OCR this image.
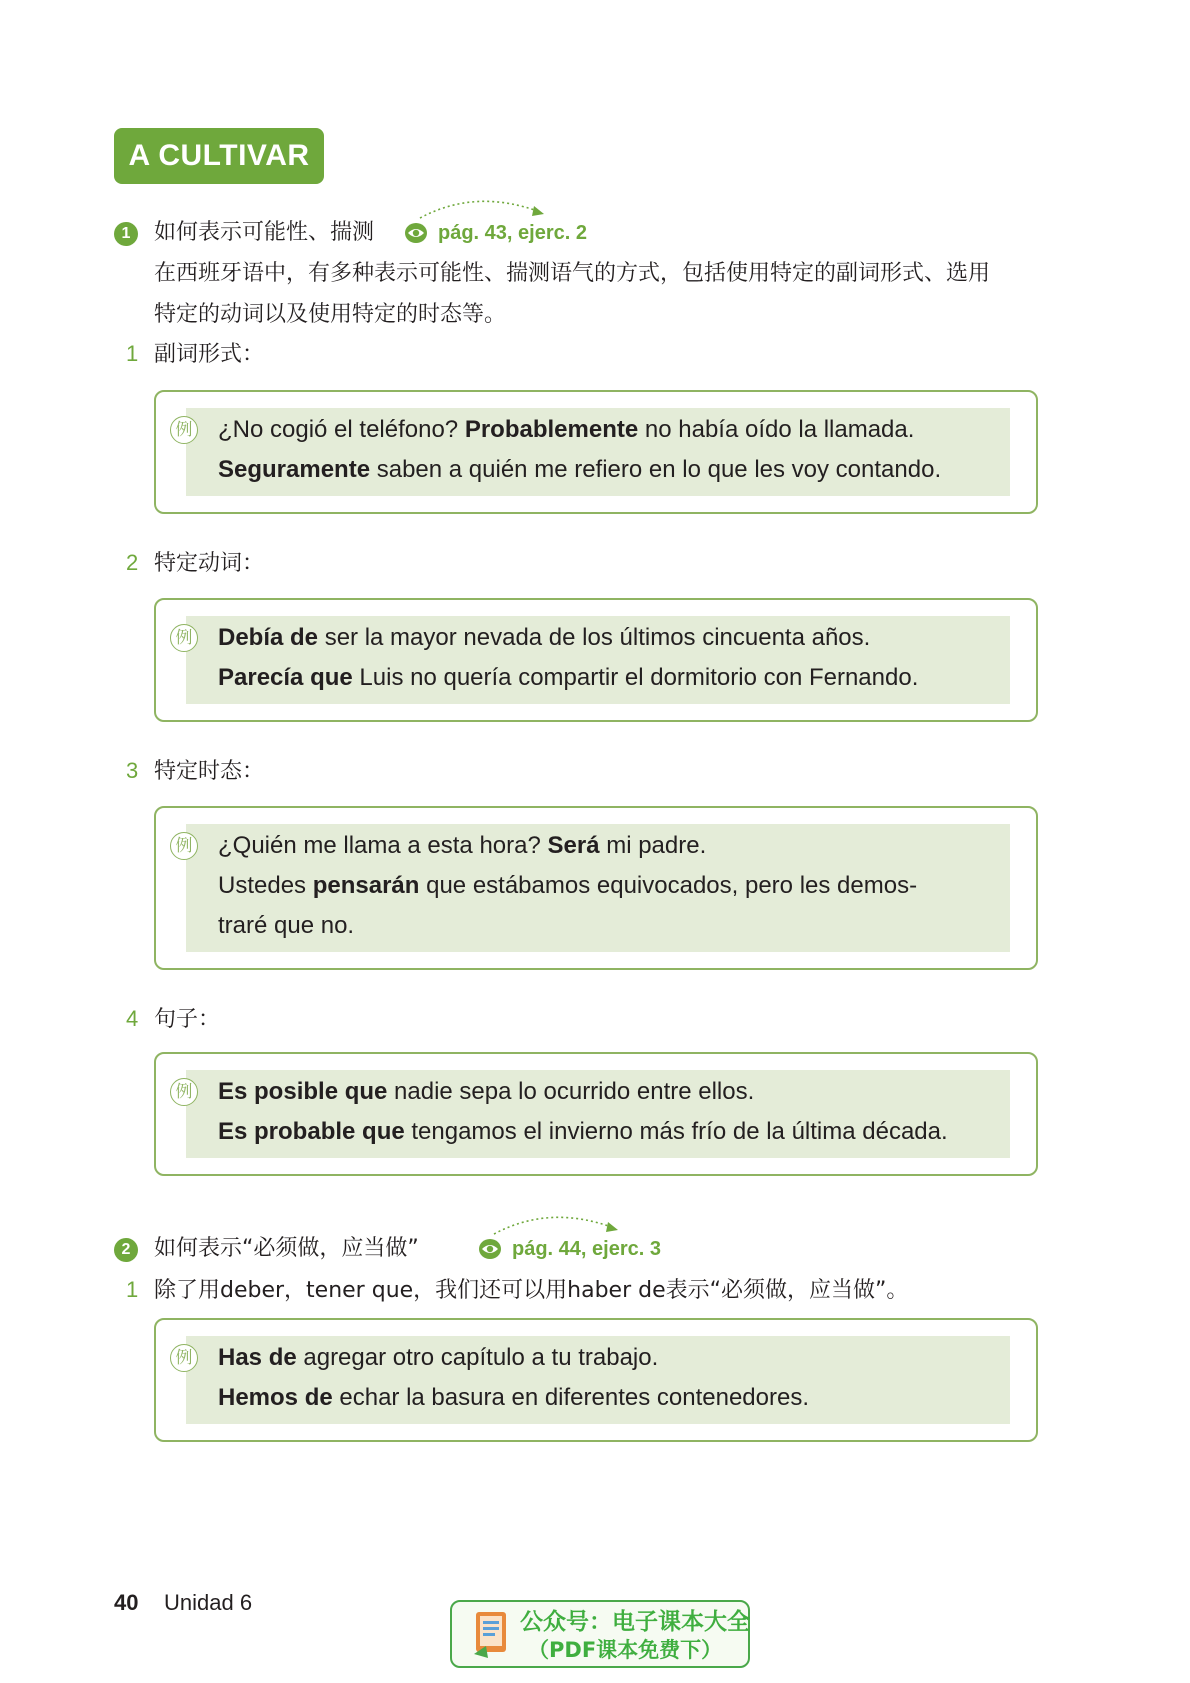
A CULTIVAR
1	如何表示可能性、揣测	pág. 43, ejerc. 2
在西班牙语中，有多种表示可能性、揣测语气的方式，包括使用特定的副词形式、选用
特定的动词以及使用特定的时态等。
1 副词形式：
例 ¿No cogió el teléfono? Probablemente no había oído la llamada.
Seguramente saben a quién me refiero en lo que les voy contando.
2 特定动词：
例 Debía de ser la mayor nevada de los últimos cincuenta años.
Parecía que Luis no quería compartir el dormitorio con Fernando.
3 特定时态：
例 ¿Quién me llama a esta hora? Será mi padre.
Ustedes pensarán que estábamos equivocados, pero les demos-
traré que no.
4 句子：
例 Es posible que nadie sepa lo ocurrido entre ellos.
Es probable que tengamos el invierno más frío de la última década.
2	如何表示“必须做，应当做”	pág. 44, ejerc. 3
1 除了用deber，tener que，我们还可以用haber de表示“必须做，应当做”。
例 Has de agregar otro capítulo a tu trabajo.
Hemos de echar la basura en diferentes contenedores.
40 Unidad 6
公众号：电子课本大全
（PDF课本免费下）
